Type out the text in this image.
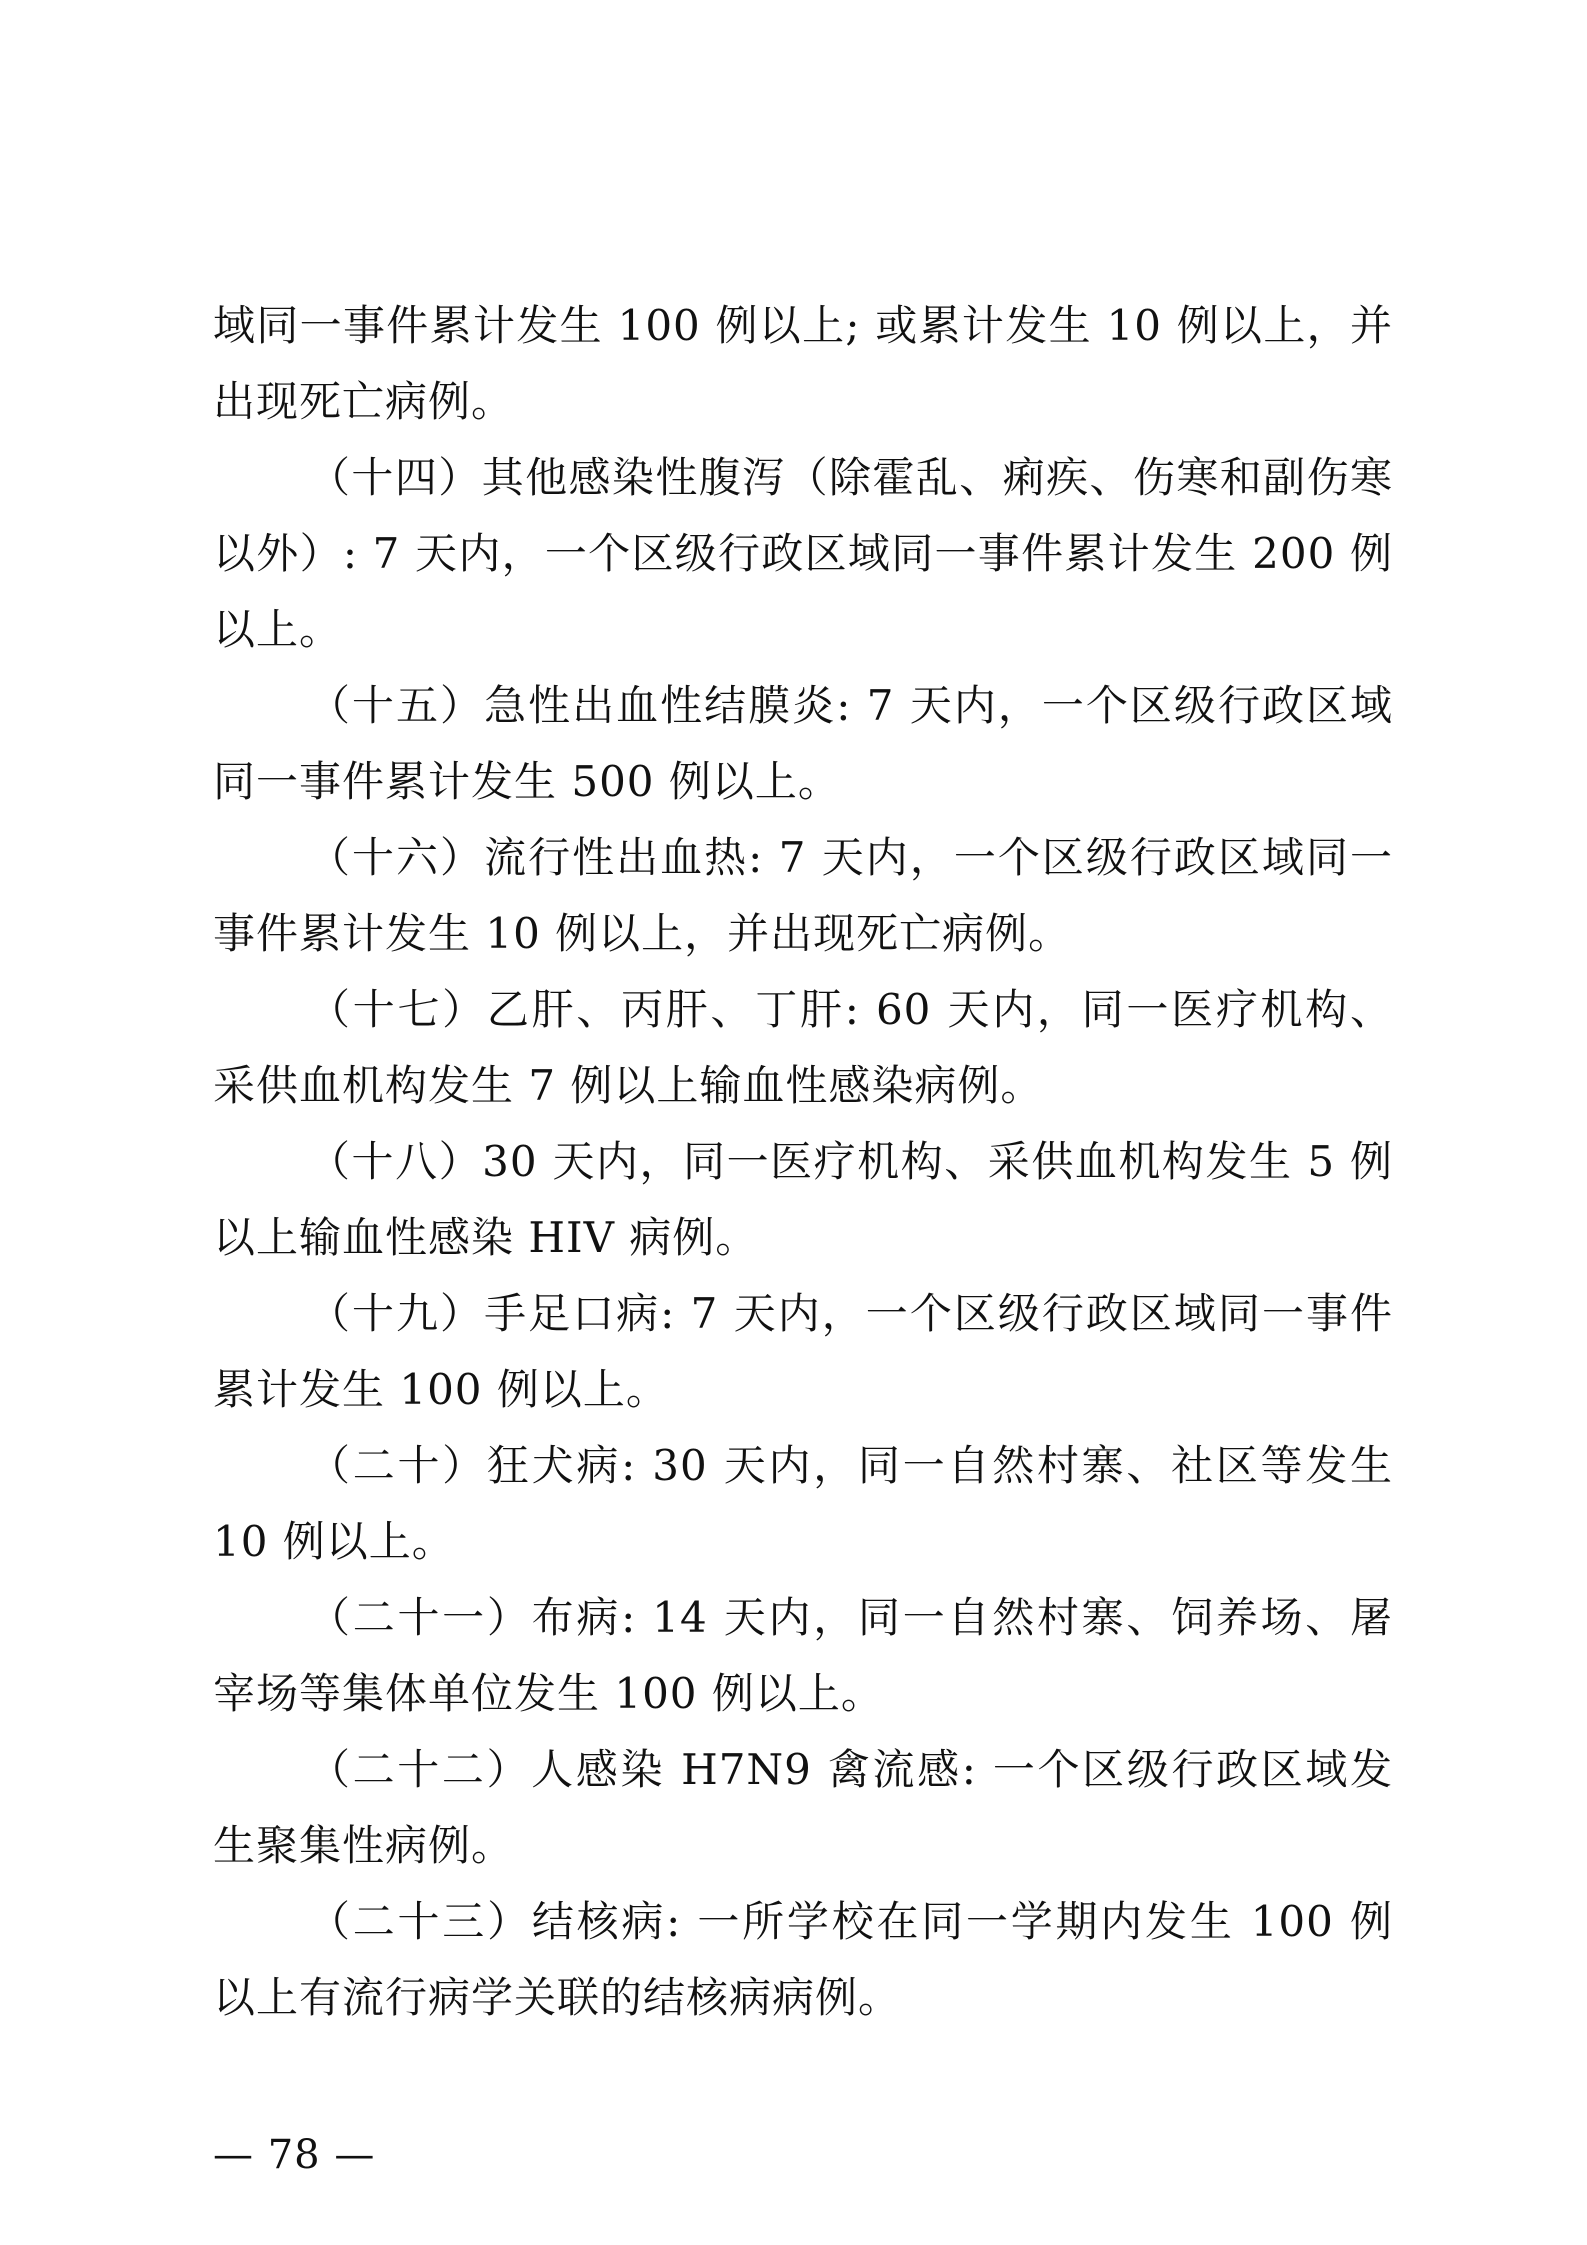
域同一事件累计发生 100 例以上; 或累计发生 10 例以上，并出现死亡病例。

（十四）其他感染性腹泻（除霍乱、痢疾、伤寒和副伤寒以外）: 7 天内，一个区级行政区域同一事件累计发生 200 例以上。

（十五）急性出血性结膜炎: 7 天内，一个区级行政区域同一事件累计发生 500 例以上。

（十六）流行性出血热: 7 天内，一个区级行政区域同一事件累计发生 10 例以上，并出现死亡病例。

（十七）乙肝、丙肝、丁肝: 60 天内，同一医疗机构、采供血机构发生 7 例以上输血性感染病例。

（十八）30 天内，同一医疗机构、采供血机构发生 5 例以上输血性感染 HIV 病例。

（十九）手足口病: 7 天内，一个区级行政区域同一事件累计发生 100 例以上。

（二十）狂犬病: 30 天内，同一自然村寨、社区等发生 10 例以上。

（二十一）布病: 14 天内，同一自然村寨、饲养场、屠宰场等集体单位发生 100 例以上。

（二十二）人感染 H7N9 禽流感: 一个区级行政区域发生聚集性病例。

（二十三）结核病: 一所学校在同一学期内发生 100 例以上有流行病学关联的结核病病例。

— 78 —
